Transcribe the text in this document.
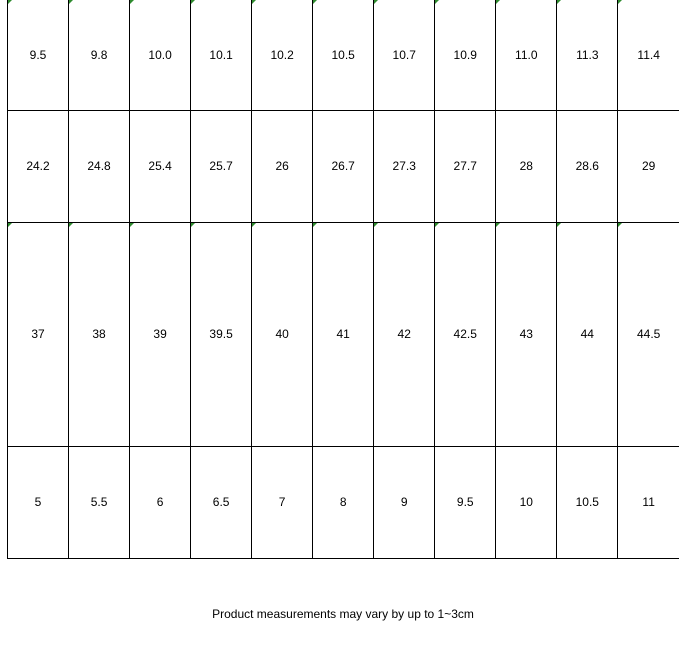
9.5	9.8	10.0	10.1	10.2	10.5	10.7	10.9	11.0	11.3	11.4

24.2	24.8	25.4	25.7	26	26.7	27.3	27.7	28	28.6	29
37	38	39	39.5	40	41	42	42.5	43	44	44.5

5	5.5	6	6.5	7	8	9	9.5	10	10.5	11
Product measurements may vary by up to 1~3cm
